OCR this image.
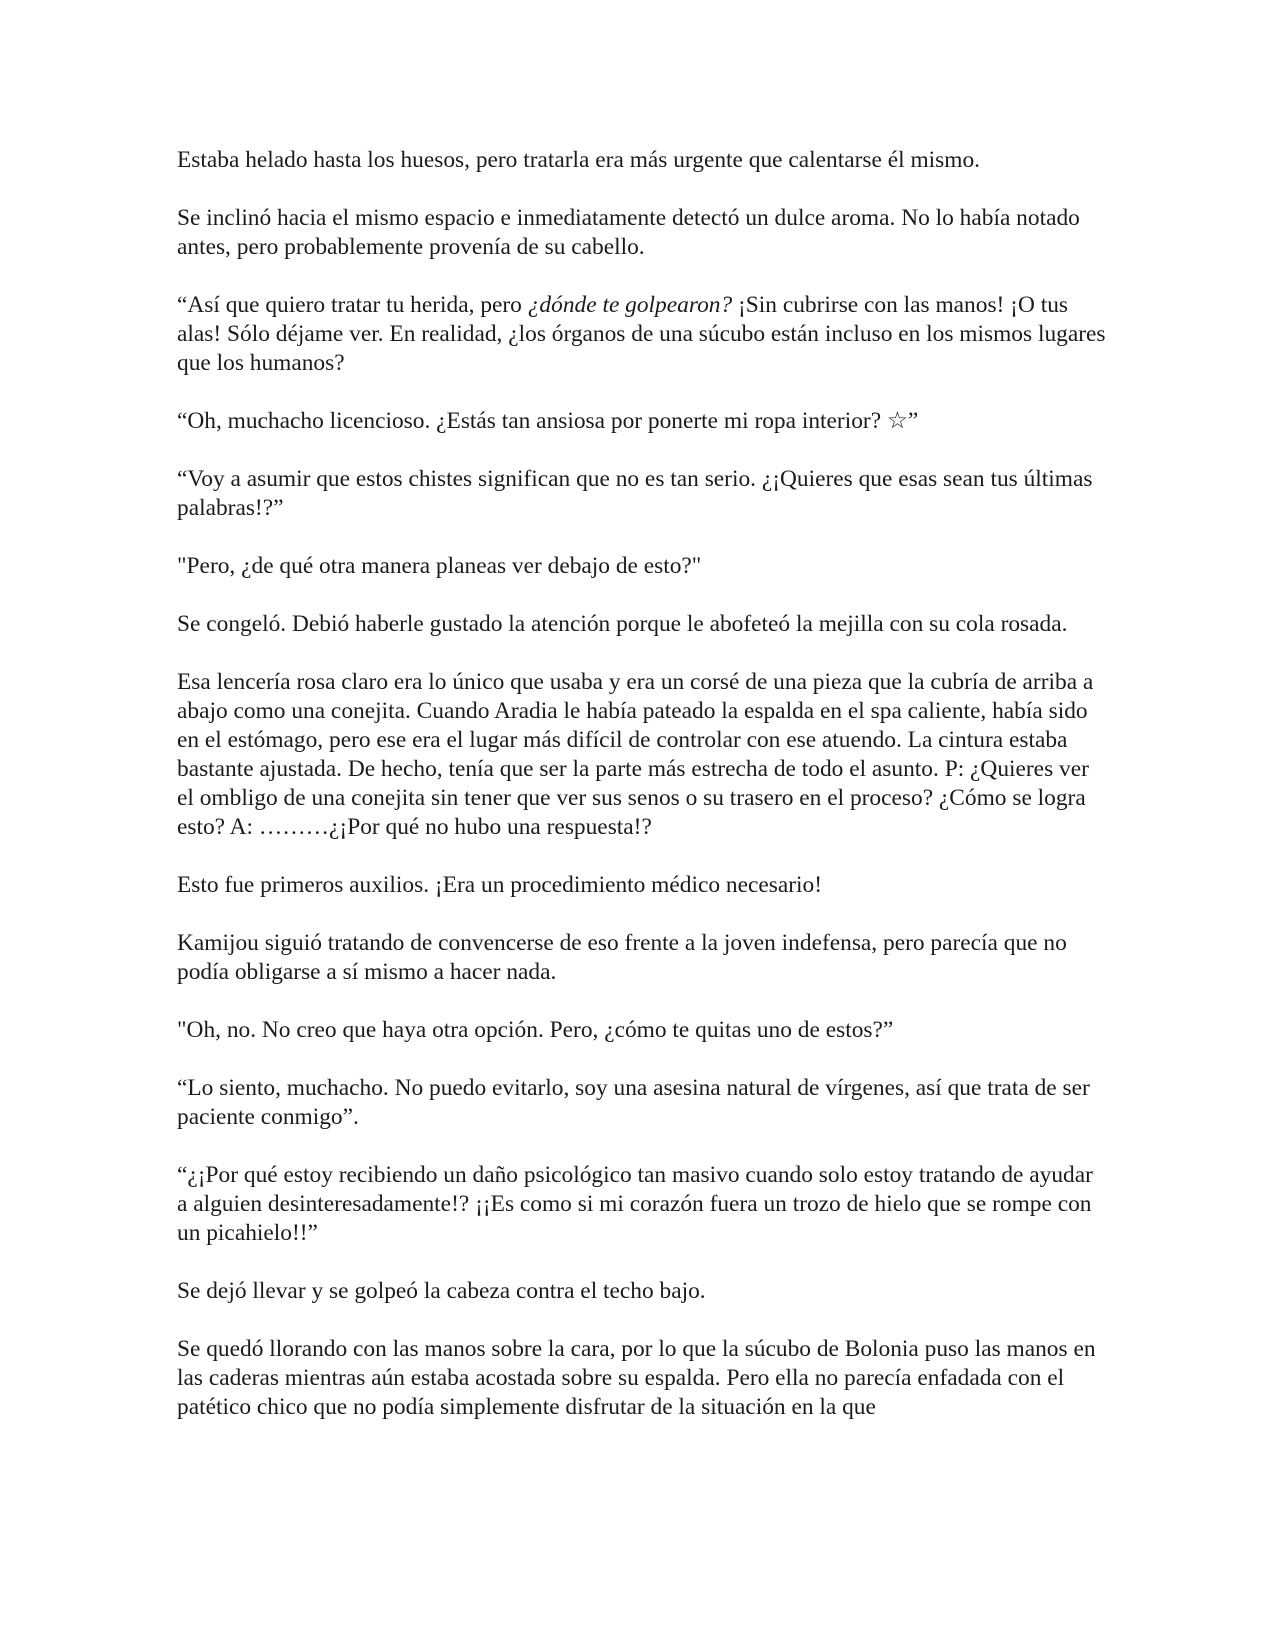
Estaba helado hasta los huesos, pero tratarla era más urgente que calentarse él mismo.

Se inclinó hacia el mismo espacio e inmediatamente detectó un dulce aroma. No lo había notado antes, pero probablemente provenía de su cabello.

“Así que quiero tratar tu herida, pero ¿dónde te golpearon? ¡Sin cubrirse con las manos! ¡O tus alas! Sólo déjame ver. En realidad, ¿los órganos de una súcubo están incluso en los mismos lugares que los humanos?

“Oh, muchacho licencioso. ¿Estás tan ansiosa por ponerte mi ropa interior? ☆”

“Voy a asumir que estos chistes significan que no es tan serio. ¿¡Quieres que esas sean tus últimas palabras!?”

"Pero, ¿de qué otra manera planeas ver debajo de esto?"

Se congeló. Debió haberle gustado la atención porque le abofeteó la mejilla con su cola rosada.

Esa lencería rosa claro era lo único que usaba y era un corsé de una pieza que la cubría de arriba a abajo como una conejita. Cuando Aradia le había pateado la espalda en el spa caliente, había sido en el estómago, pero ese era el lugar más difícil de controlar con ese atuendo. La cintura estaba bastante ajustada. De hecho, tenía que ser la parte más estrecha de todo el asunto. P: ¿Quieres ver el ombligo de una conejita sin tener que ver sus senos o su trasero en el proceso? ¿Cómo se logra esto? A: ………¿¡Por qué no hubo una respuesta!?

Esto fue primeros auxilios. ¡Era un procedimiento médico necesario!

Kamijou siguió tratando de convencerse de eso frente a la joven indefensa, pero parecía que no podía obligarse a sí mismo a hacer nada.

"Oh, no. No creo que haya otra opción. Pero, ¿cómo te quitas uno de estos?”

“Lo siento, muchacho. No puedo evitarlo, soy una asesina natural de vírgenes, así que trata de ser paciente conmigo”.

“¿¡Por qué estoy recibiendo un daño psicológico tan masivo cuando solo estoy tratando de ayudar a alguien desinteresadamente!? ¡¡Es como si mi corazón fuera un trozo de hielo que se rompe con un picahielo!!”

Se dejó llevar y se golpeó la cabeza contra el techo bajo.

Se quedó llorando con las manos sobre la cara, por lo que la súcubo de Bolonia puso las manos en las caderas mientras aún estaba acostada sobre su espalda. Pero ella no parecía enfadada con el patético chico que no podía simplemente disfrutar de la situación en la que
